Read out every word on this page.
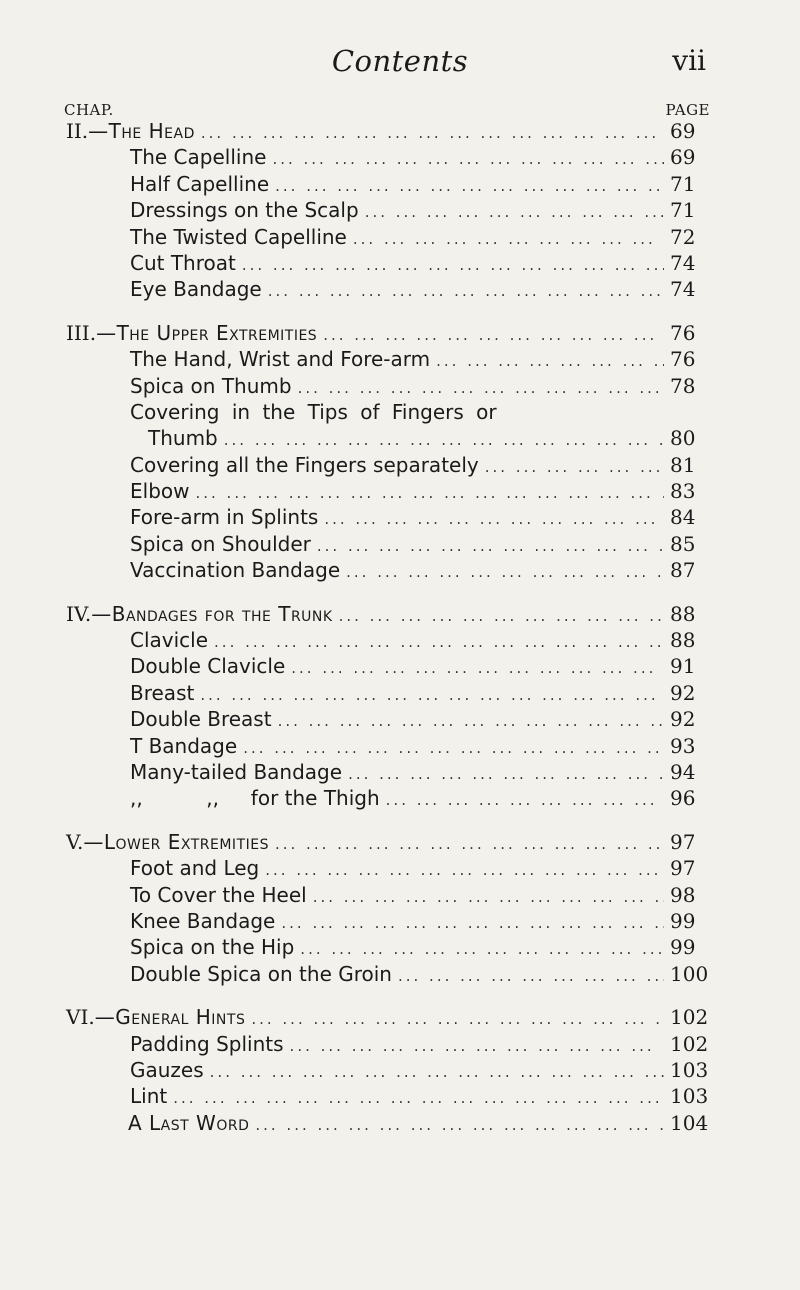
Contents	vii
CHAP.	PAGE
II. —The Head ... .	69
The Capelline ... .	69
Half Capelline ... .	71
Dressings on the Scalp ... .	71
The Twisted Capelline ... .	72
Cut Throat ... .	74
Eye Bandage ... .	74
III. —The Upper Extremities ... .	76
The Hand, Wrist and Fore-arm ... .	76
Spica on Thumb ... .	78
Covering in the Tips of Fingers or
Thumb ... .	80
Covering all the Fingers separately ... .	81
Elbow ... .	83
Fore-arm in Splints ... .	84
Spica on Shoulder ... .	85
Vaccination Bandage ... .	87
IV. —Bandages for the Trunk ... .	88
Clavicle ... .	88
Double Clavicle ... .	91
Breast ... .	92
Double Breast ... .	92
T Bandage ... .	93
Many-tailed Bandage ... .	94
,,          ,,     for the Thigh ... .	96
V. —Lower Extremities ... .	97
Foot and Leg ... .	97
To Cover the Heel ... .	98
Knee Bandage ... .	99
Spica on the Hip ... .	99
Double Spica on the Groin ... .	100
VI. —General Hints ... .	102
Padding Splints ... .	102
Gauzes ... .	103
Lint ... .	103
A Last Word ... .	104
